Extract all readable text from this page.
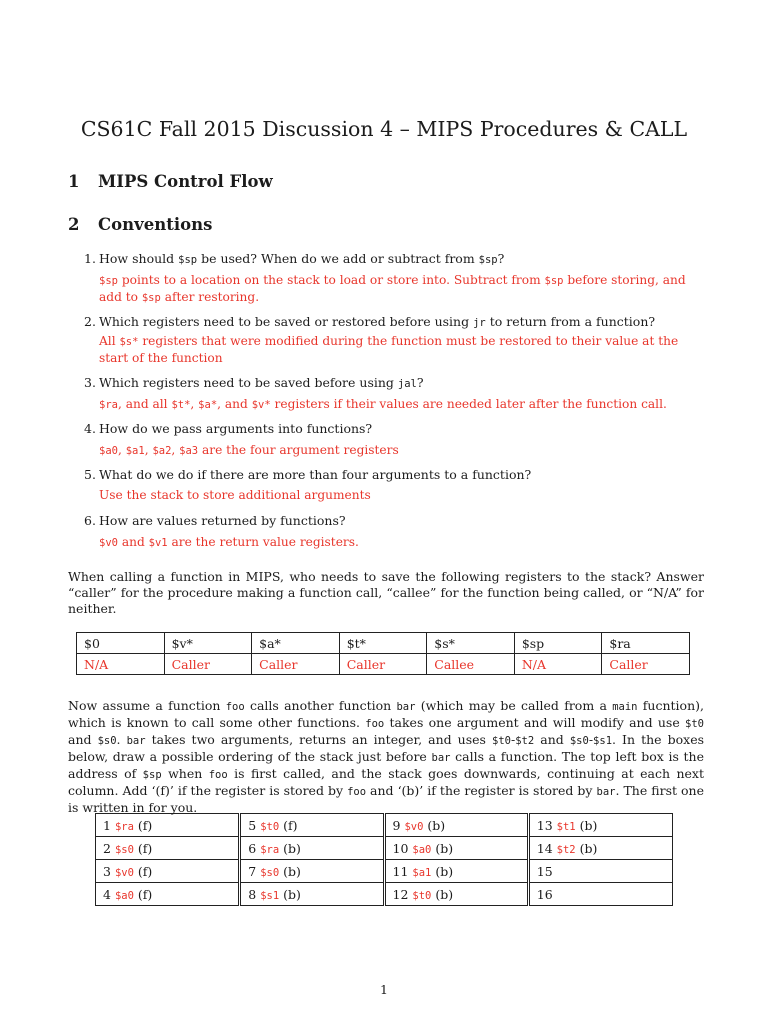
CS61C Fall 2015 Discussion 4 – MIPS Procedures & CALL
1 MIPS Control Flow
2 Conventions
1. How should $sp be used? When do we add or subtract from $sp?
$sp points to a location on the stack to load or store into. Subtract from $sp before storing, and add to $sp after restoring.
2. Which registers need to be saved or restored before using jr to return from a function?
All $s* registers that were modified during the function must be restored to their value at the start of the function
3. Which registers need to be saved before using jal?
$ra, and all $t*, $a*, and $v* registers if their values are needed later after the function call.
4. How do we pass arguments into functions?
$a0, $a1, $a2, $a3 are the four argument registers
5. What do we do if there are more than four arguments to a function?
Use the stack to store additional arguments
6. How are values returned by functions?
$v0 and $v1 are the return value registers.
When calling a function in MIPS, who needs to save the following registers to the stack? Answer “caller” for the procedure making a function call, “callee” for the function being called, or “N/A” for neither.
$0	$v*	$a*	$t*	$s*	$sp	$ra
N/A	Caller	Caller	Caller	Callee	N/A	Caller
Now assume a function foo calls another function bar (which may be called from a main fucntion), which is known to call some other functions. foo takes one argument and will modify and use $t0 and $s0. bar takes two arguments, returns an integer, and uses $t0-$t2 and $s0-$s1. In the boxes below, draw a possible ordering of the stack just before bar calls a function. The top left box is the address of $sp when foo is first called, and the stack goes downwards, continuing at each next column. Add ‘(f)’ if the register is stored by foo and ‘(b)’ if the register is stored by bar. The first one is written in for you.
1 $ra (f)	5 $t0 (f)	9 $v0 (b)	13 $t1 (b)
2 $s0 (f)	6 $ra (b)	10 $a0 (b)	14 $t2 (b)
3 $v0 (f)	7 $s0 (b)	11 $a1 (b)	15
4 $a0 (f)	8 $s1 (b)	12 $t0 (b)	16
1
